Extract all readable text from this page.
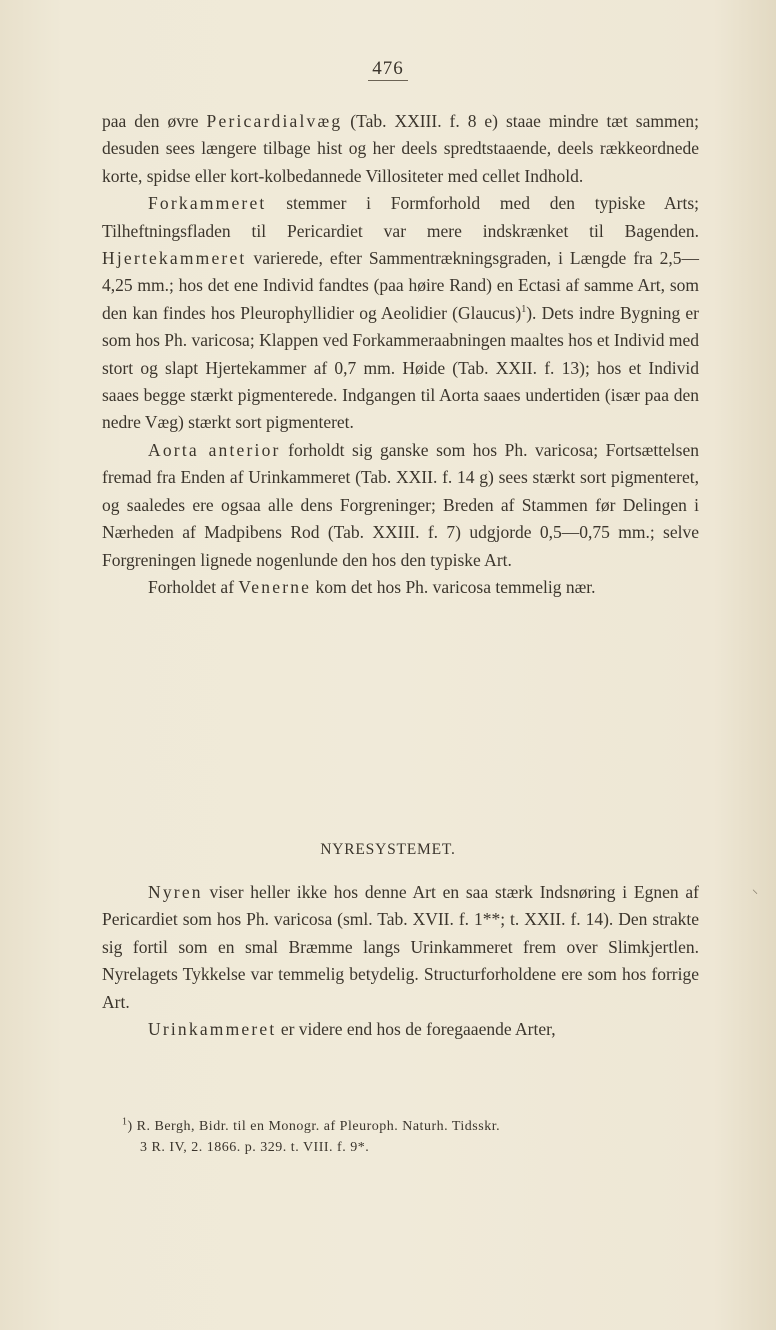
476

paa den øvre Pericardialvæg (Tab. XXIII. f. 8 e) staae mindre tæt sammen; desuden sees længere tilbage hist og her deels spredtstaaende, deels rækkeordnede korte, spidse eller kort-kolbedannede Villositeter med cellet Indhold.

Forkammeret stemmer i Formforhold med den typiske Arts; Tilheftningsfladen til Pericardiet var mere indskrænket til Bagenden. Hjertekammeret varierede, efter Sammentrækningsgraden, i Længde fra 2,5—4,25 mm.; hos det ene Individ fandtes (paa høire Rand) en Ectasi af samme Art, som den kan findes hos Pleurophyllidier og Aeolidier (Glaucus)$^1$). Dets indre Bygning er som hos Ph. varicosa; Klappen ved Forkammeraabningen maaltes hos et Individ med stort og slapt Hjertekammer af 0,7 mm. Høide (Tab. XXII. f. 13); hos et Individ saaes begge stærkt pigmenterede. Indgangen til Aorta saaes undertiden (især paa den nedre Væg) stærkt sort pigmenteret.

Aorta anterior forholdt sig ganske som hos Ph. varicosa; Fortsættelsen fremad fra Enden af Urinkammeret (Tab. XXII. f. 14 g) sees stærkt sort pigmenteret, og saaledes ere ogsaa alle dens Forgreninger; Breden af Stammen før Delingen i Nærheden af Madpibens Rod (Tab. XXIII. f. 7) udgjorde 0,5—0,75 mm.; selve Forgreningen lignede nogenlunde den hos den typiske Art.

Forholdet af Venerne kom det hos Ph. varicosa temmelig nær.

NYRESYSTEMET.

Nyren viser heller ikke hos denne Art en saa stærk Indsnøring i Egnen af Pericardiet som hos Ph. varicosa (sml. Tab. XVII. f. 1**; t. XXII. f. 14). Den strakte sig fortil som en smal Bræmme langs Urinkammeret frem over Slimkjertlen. Nyrelagets Tykkelse var temmelig betydelig. Structurforholdene ere som hos forrige Art.

Urinkammeret er videre end hos de foregaaende Arter,

⸜
$^1$) R. Bergh, Bidr. til en Monogr. af Pleuroph. Naturh. Tidsskr.
3 R. IV, 2. 1866. p. 329. t. VIII. f. 9*.
